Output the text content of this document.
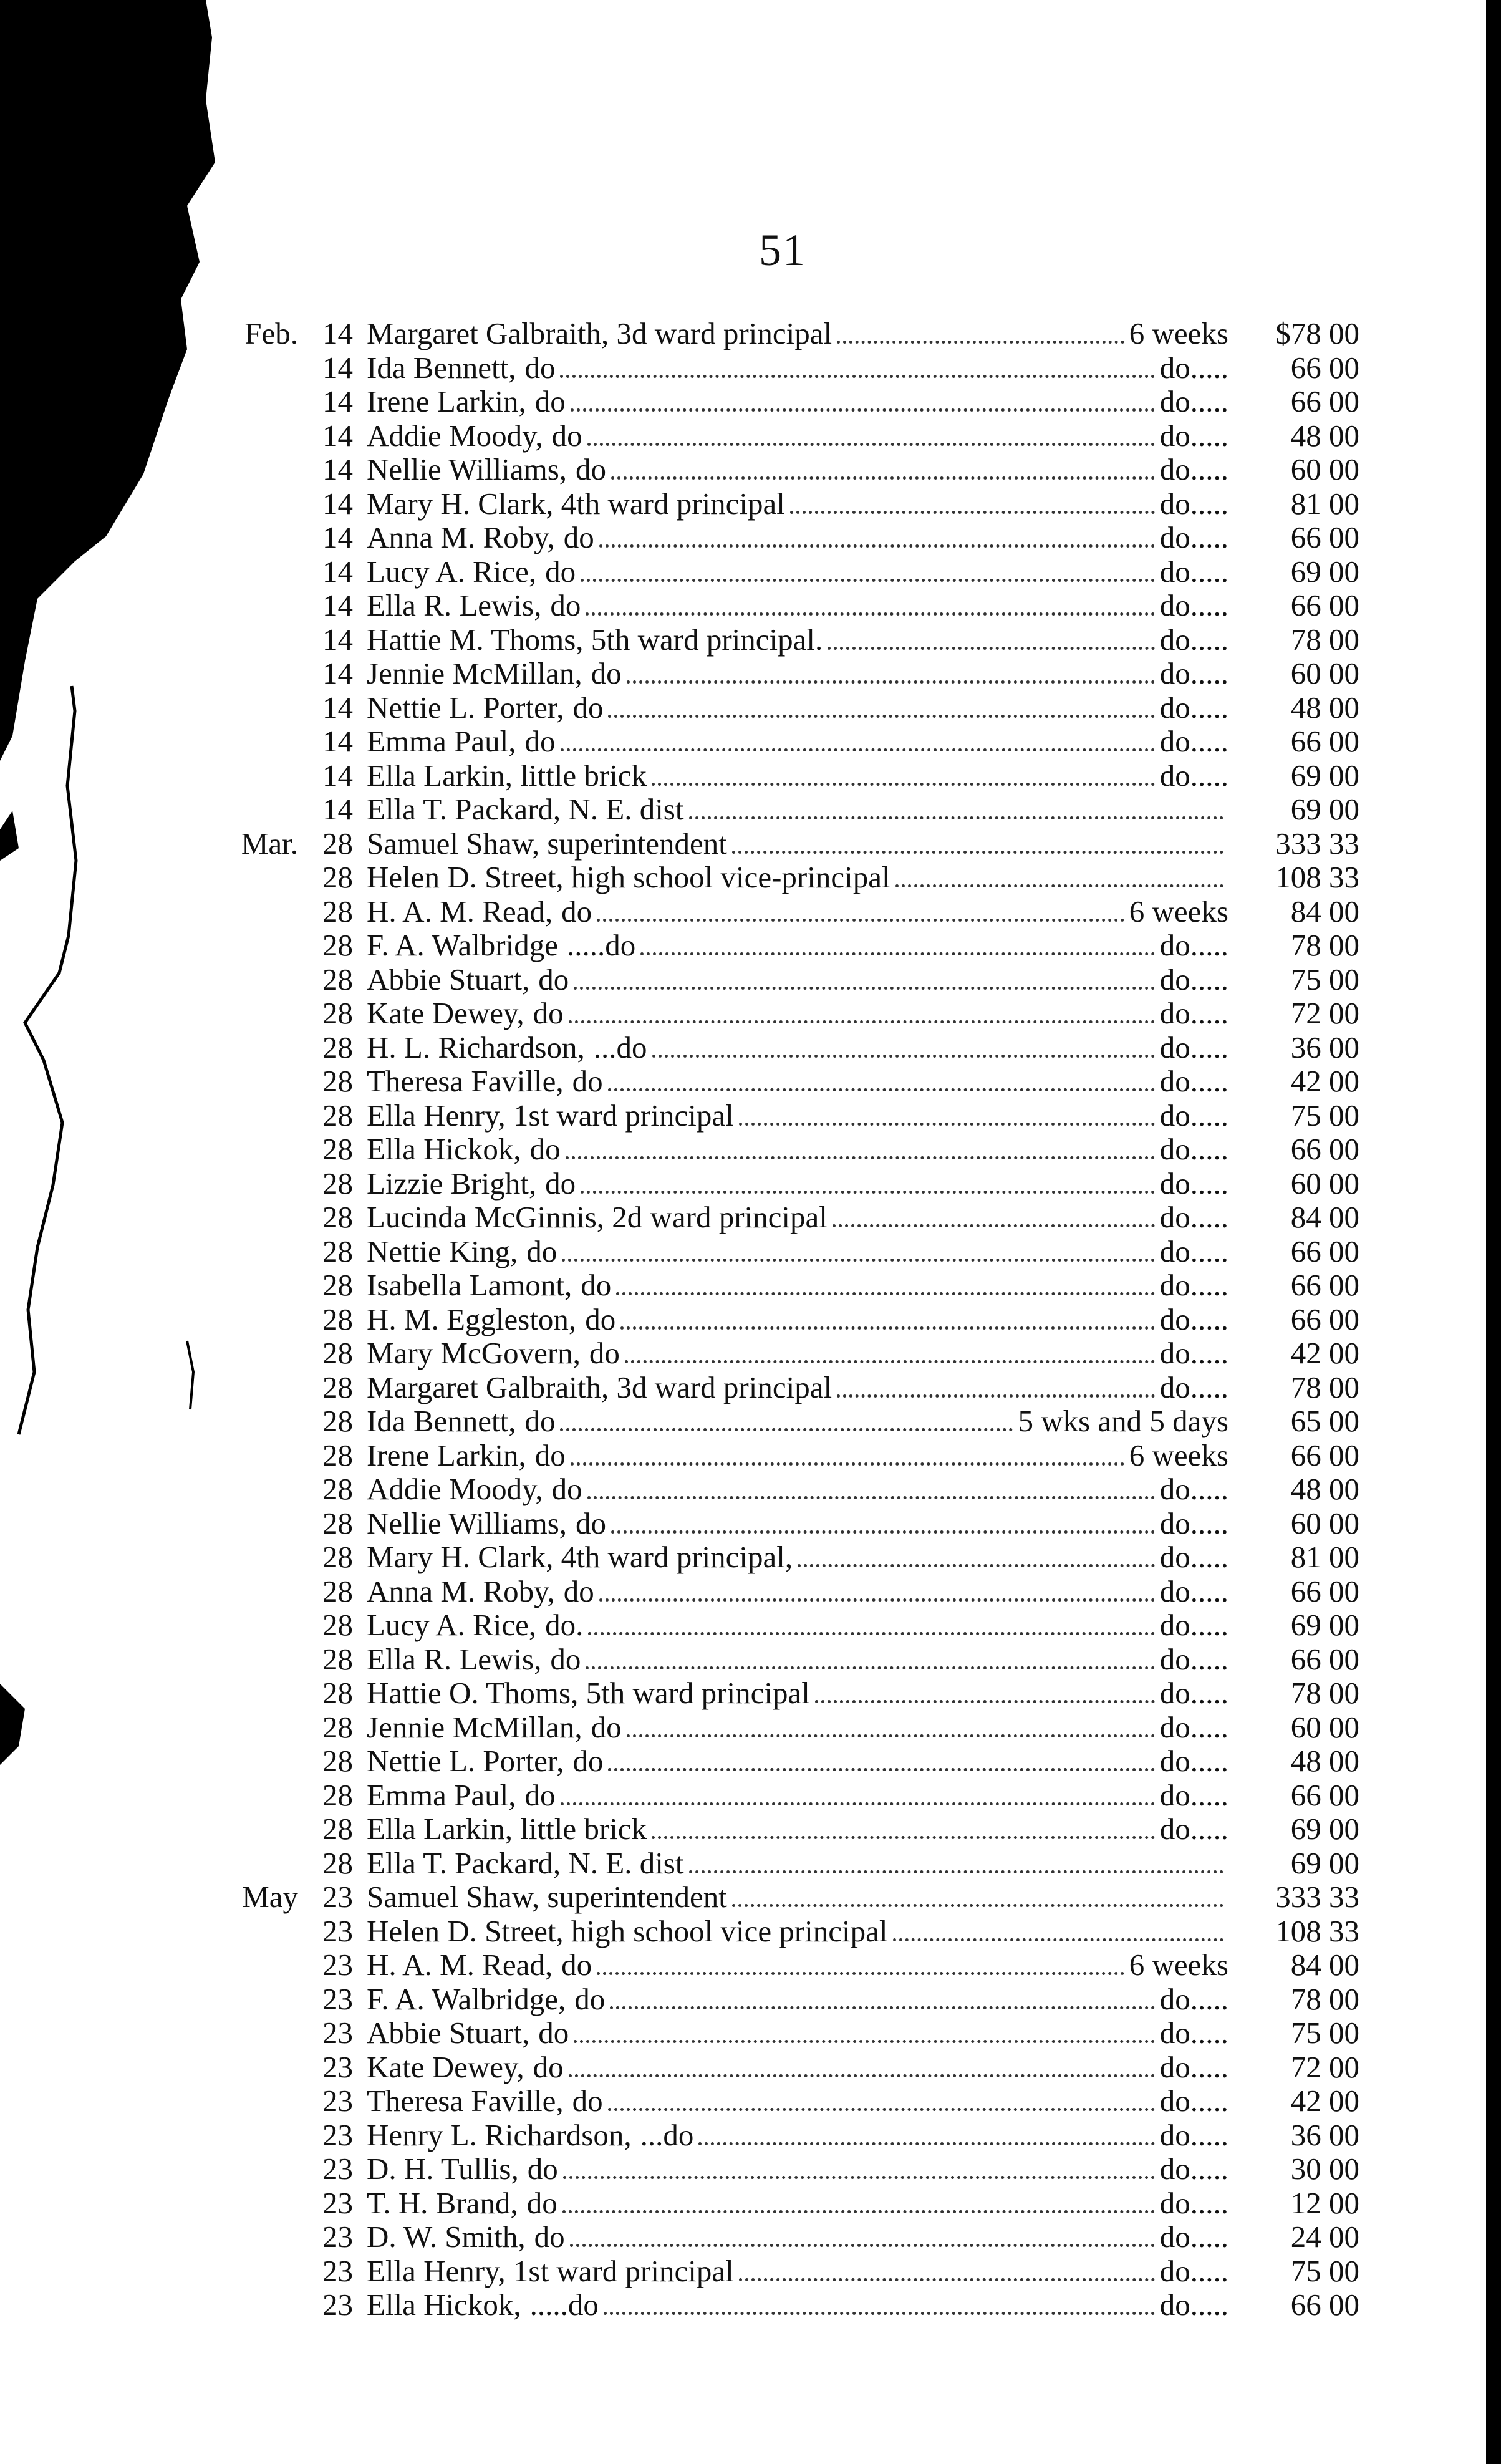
51
Feb. 14 Margaret Galbraith, 3d ward principal	6 weeks	$78 00
14 Ida Bennett, do	do.....	66 00
14 Irene Larkin, do	do.....	66 00
14 Addie Moody, do	do.....	48 00
14 Nellie Williams, do	do.....	60 00
14 Mary H. Clark, 4th ward principal	do.....	81 00
14 Anna M. Roby, do	do.....	66 00
14 Lucy A. Rice, do	do.....	69 00
14 Ella R. Lewis, do	do.....	66 00
14 Hattie M. Thoms, 5th ward principal.	do.....	78 00
14 Jennie McMillan, do	do.....	60 00
14 Nettie L. Porter, do	do.....	48 00
14 Emma Paul, do	do.....	66 00
14 Ella Larkin, little brick	do.....	69 00
14 Ella T. Packard, N. E. dist	69 00
Mar. 28 Samuel Shaw, superintendent	333 33
28 Helen D. Street, high school vice-principal	108 33
28 H. A. M. Read, do	6 weeks	84 00
28 F. A. Walbridge .....do	do.....	78 00
28 Abbie Stuart, do	do.....	75 00
28 Kate Dewey, do	do.....	72 00
28 H. L. Richardson, ...do	do.....	36 00
28 Theresa Faville, do	do.....	42 00
28 Ella Henry, 1st ward principal	do.....	75 00
28 Ella Hickok, do	do.....	66 00
28 Lizzie Bright, do	do.....	60 00
28 Lucinda McGinnis, 2d ward principal	do.....	84 00
28 Nettie King, do	do.....	66 00
28 Isabella Lamont, do	do.....	66 00
28 H. M. Eggleston, do	do.....	66 00
28 Mary McGovern, do	do.....	42 00
28 Margaret Galbraith, 3d ward principal	do.....	78 00
28 Ida Bennett, do	5 wks and 5 days	65 00
28 Irene Larkin, do	6 weeks	66 00
28 Addie Moody, do	do.....	48 00
28 Nellie Williams, do	do.....	60 00
28 Mary H. Clark, 4th ward principal,	do.....	81 00
28 Anna M. Roby, do	do.....	66 00
28 Lucy A. Rice, do.	do.....	69 00
28 Ella R. Lewis, do	do.....	66 00
28 Hattie O. Thoms, 5th ward principal	do.....	78 00
28 Jennie McMillan, do	do.....	60 00
28 Nettie L. Porter, do	do.....	48 00
28 Emma Paul, do	do.....	66 00
28 Ella Larkin, little brick	do.....	69 00
28 Ella T. Packard, N. E. dist	69 00
May 23 Samuel Shaw, superintendent	333 33
23 Helen D. Street, high school vice principal	108 33
23 H. A. M. Read, do	6 weeks	84 00
23 F. A. Walbridge, do	do.....	78 00
23 Abbie Stuart, do	do.....	75 00
23 Kate Dewey, do	do.....	72 00
23 Theresa Faville, do	do.....	42 00
23 Henry L. Richardson, ...do	do.....	36 00
23 D. H. Tullis, do	do.....	30 00
23 T. H. Brand, do	do.....	12 00
23 D. W. Smith, do	do.....	24 00
23 Ella Henry, 1st ward principal	do.....	75 00
23 Ella Hickok, .....do	do.....	66 00
